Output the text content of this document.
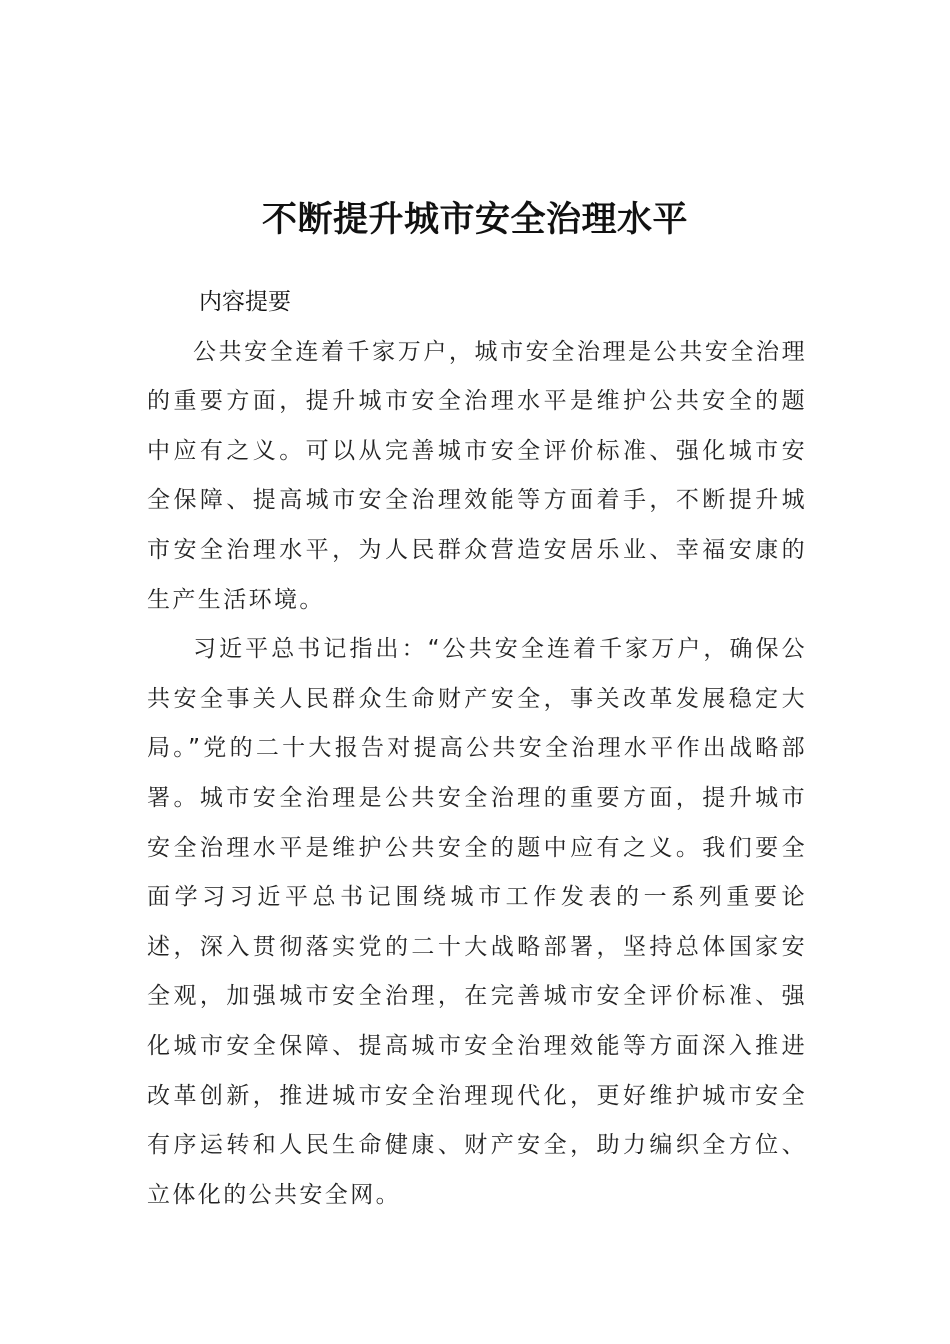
不断提升城市安全治理水平
内容提要

公共安全连着千家万户，城市安全治理是公共安全治理的重要方面，提升城市安全治理水平是维护公共安全的题中应有之义。可以从完善城市安全评价标准、强化城市安全保障、提高城市安全治理效能等方面着手，不断提升城市安全治理水平，为人民群众营造安居乐业、幸福安康的生产生活环境。

习近平总书记指出：“公共安全连着千家万户，确保公共安全事关人民群众生命财产安全，事关改革发展稳定大局。”党的二十大报告对提高公共安全治理水平作出战略部署。城市安全治理是公共安全治理的重要方面，提升城市安全治理水平是维护公共安全的题中应有之义。我们要全面学习习近平总书记围绕城市工作发表的一系列重要论述，深入贯彻落实党的二十大战略部署，坚持总体国家安全观，加强城市安全治理，在完善城市安全评价标准、强化城市安全保障、提高城市安全治理效能等方面深入推进改革创新，推进城市安全治理现代化，更好维护城市安全有序运转和人民生命健康、财产安全，助力编织全方位、立体化的公共安全网。
